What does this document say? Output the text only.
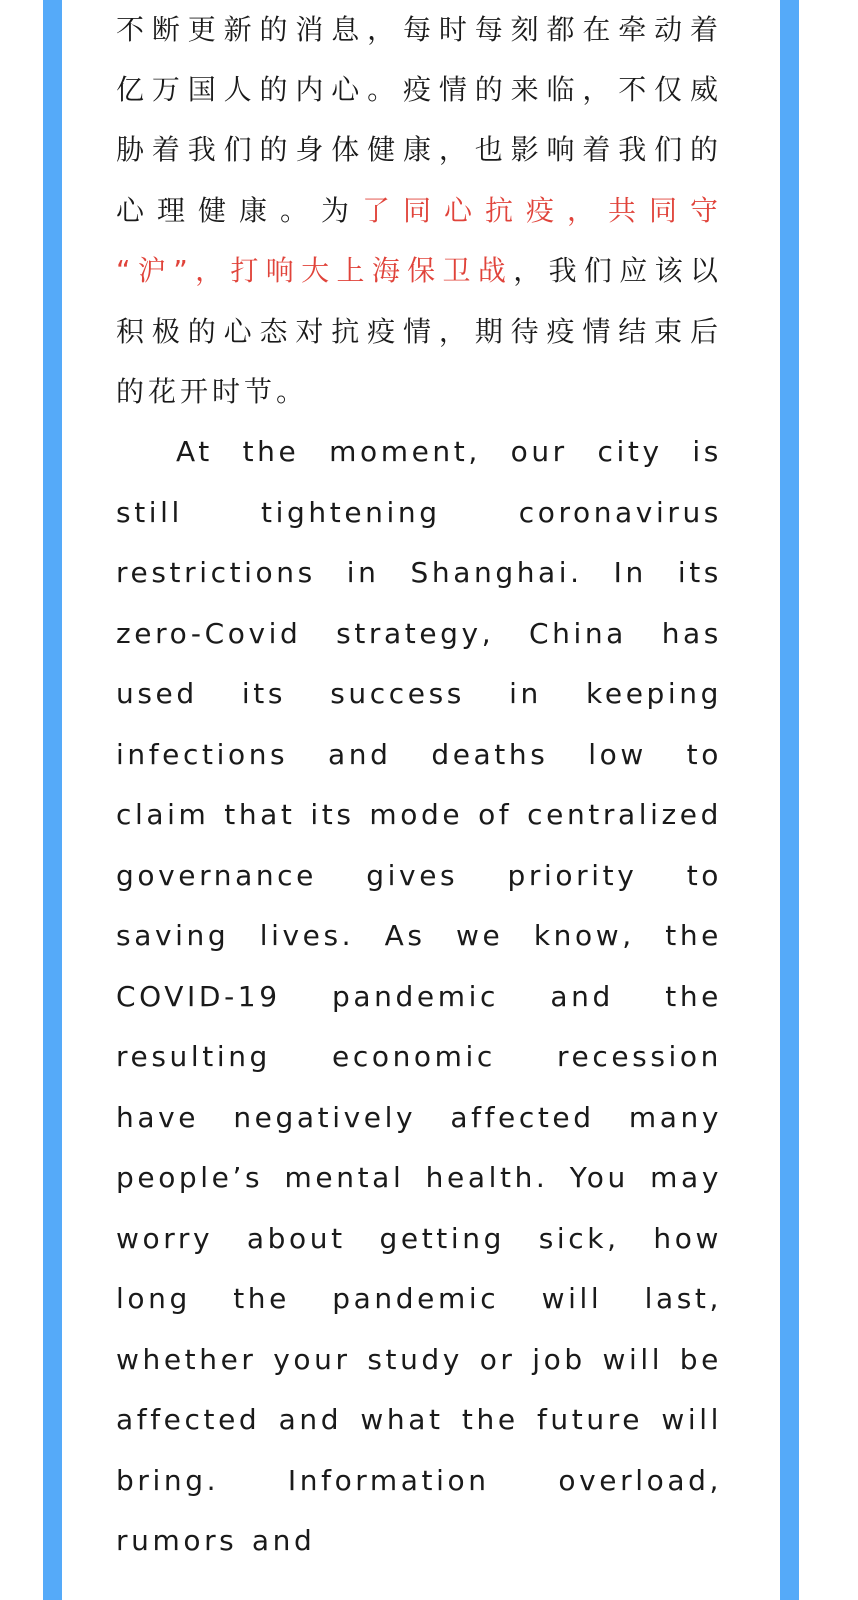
不断更新的消息，每时每刻都在牵动着
亿万国人的内心。疫情的来临，不仅威
胁着我们的身体健康，也影响着我们的
心理健康。为了同心抗疫，共同守
“沪”，打响大上海保卫战，我们应该以
积极的心态对抗疫情，期待疫情结束后
的花开时节。

At the moment, our city is still tightening coronavirus restrictions in Shanghai. In its zero-Covid strategy, China has used its success in keeping infections and deaths low to claim that its mode of centralized governance gives priority to saving lives. As we know, the COVID-19 pandemic and the resulting economic recession have negatively affected many people’s mental health. You may worry about getting sick, how long the pandemic will last, whether your study or job will be affected and what the future will bring. Information overload, rumors and
